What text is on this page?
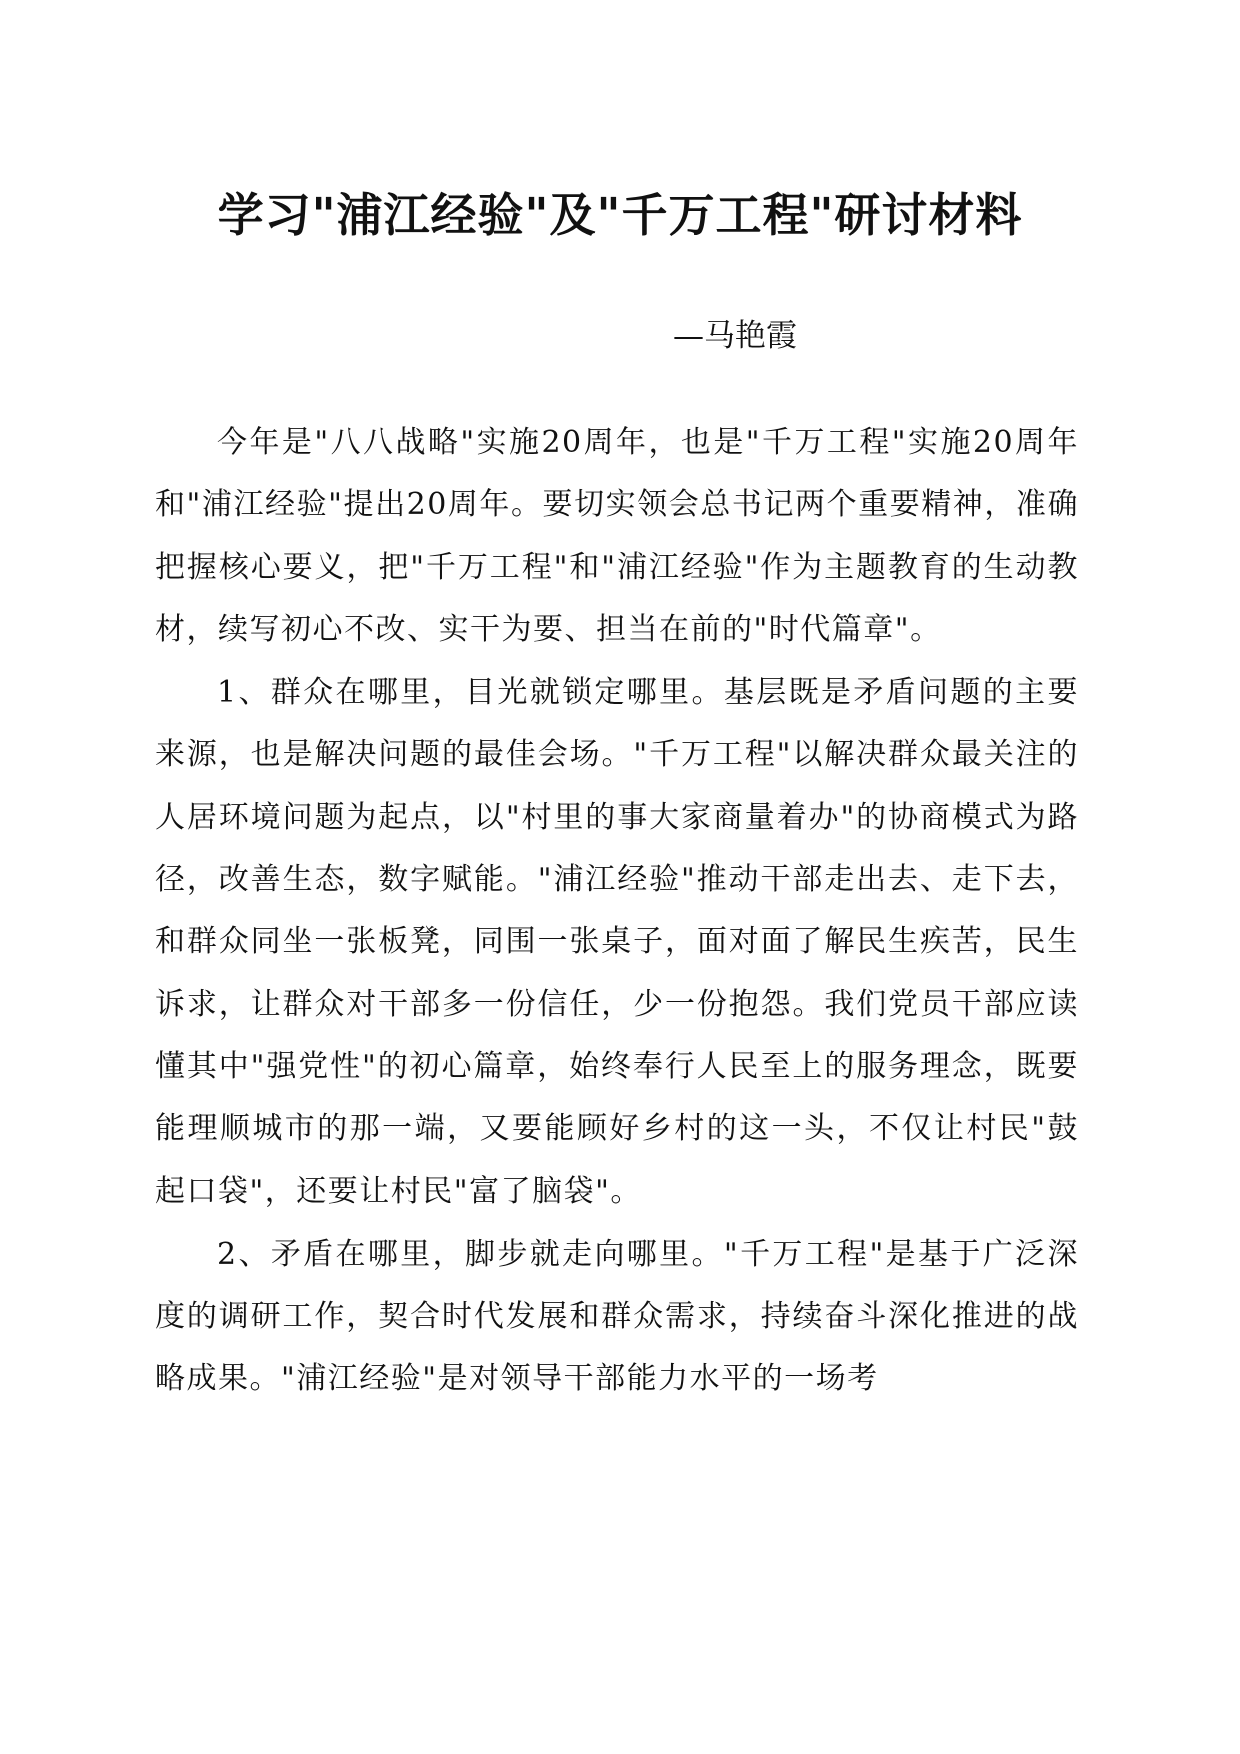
学习"浦江经验"及"千万工程"研讨材料
—马艳霞

今年是"八八战略"实施20周年，也是"千万工程"实施20周年和"浦江经验"提出20周年。要切实领会总书记两个重要精神，准确把握核心要义，把"千万工程"和"浦江经验"作为主题教育的生动教材，续写初心不改、实干为要、担当在前的"时代篇章"。

1、群众在哪里，目光就锁定哪里。基层既是矛盾问题的主要来源，也是解决问题的最佳会场。"千万工程"以解决群众最关注的人居环境问题为起点，以"村里的事大家商量着办"的协商模式为路径，改善生态，数字赋能。"浦江经验"推动干部走出去、走下去，和群众同坐一张板凳，同围一张桌子，面对面了解民生疾苦，民生诉求，让群众对干部多一份信任，少一份抱怨。我们党员干部应读懂其中"强党性"的初心篇章，始终奉行人民至上的服务理念，既要能理顺城市的那一端，又要能顾好乡村的这一头，不仅让村民"鼓起口袋"，还要让村民"富了脑袋"。

2、矛盾在哪里，脚步就走向哪里。"千万工程"是基于广泛深度的调研工作，契合时代发展和群众需求，持续奋斗深化推进的战略成果。"浦江经验"是对领导干部能力水平的一场考
